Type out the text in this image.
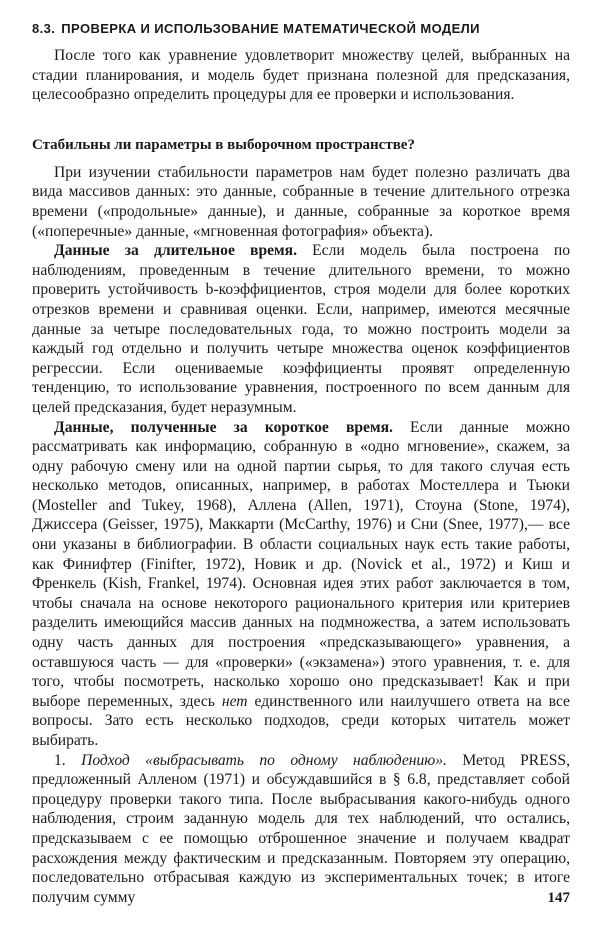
8.3. ПРОВЕРКА И ИСПОЛЬЗОВАНИЕ МАТЕМАТИЧЕСКОЙ МОДЕЛИ

После того как уравнение удовлетворит множеству целей, выбранных на стадии планирования, и модель будет признана полезной для предсказания, целесообразно определить процедуры для ее проверки и использования.

Стабильны ли параметры в выборочном пространстве?

При изучении стабильности параметров нам будет полезно различать два вида массивов данных: это данные, собранные в течение длительного отрезка времени («продольные» данные), и данные, собранные за короткое время («поперечные» данные, «мгновенная фотография» объекта).

Данные за длительное время. Если модель была построена по наблюдениям, проведенным в течение длительного времени, то можно проверить устойчивость b-коэффициентов, строя модели для более коротких отрезков времени и сравнивая оценки. Если, например, имеются месячные данные за четыре последовательных года, то можно построить модели за каждый год отдельно и получить четыре множества оценок коэффициентов регрессии. Если оцениваемые коэффициенты проявят определенную тенденцию, то использование уравнения, построенного по всем данным для целей предсказания, будет неразумным.

Данные, полученные за короткое время. Если данные можно рассматривать как информацию, собранную в «одно мгновение», скажем, за одну рабочую смену или на одной партии сырья, то для такого случая есть несколько методов, описанных, например, в работах Мостеллера и Тьюки (Mosteller and Tukey, 1968), Аллена (Allen, 1971), Стоуна (Stone, 1974), Джиссера (Geisser, 1975), Маккарти (McCarthy, 1976) и Сни (Snee, 1977),— все они указаны в библиографии. В области социальных наук есть такие работы, как Финифтер (Finifter, 1972), Новик и др. (Novick et al., 1972) и Киш и Френкель (Kish, Frankel, 1974). Основная идея этих работ заключается в том, чтобы сначала на основе некоторого рационального критерия или критериев разделить имеющийся массив данных на подмножества, а затем использовать одну часть данных для построения «предсказывающего» уравнения, а оставшуюся часть — для «проверки» («экзамена») этого уравнения, т. е. для того, чтобы посмотреть, насколько хорошо оно предсказывает! Как и при выборе переменных, здесь нет единственного или наилучшего ответа на все вопросы. Зато есть несколько подходов, среди которых читатель может выбирать.

1. Подход «выбрасывать по одному наблюдению». Метод PRESS, предложенный Алленом (1971) и обсуждавшийся в § 6.8, представляет собой процедуру проверки такого типа. После выбрасывания какого-нибудь одного наблюдения, строим заданную модель для тех наблюдений, что остались, предсказываем с ее помощью отброшенное значение и получаем квадрат расхождения между фактическим и предсказанным. Повторяем эту операцию, последовательно отбрасывая каждую из экспериментальных точек; в итоге получим сумму	147
